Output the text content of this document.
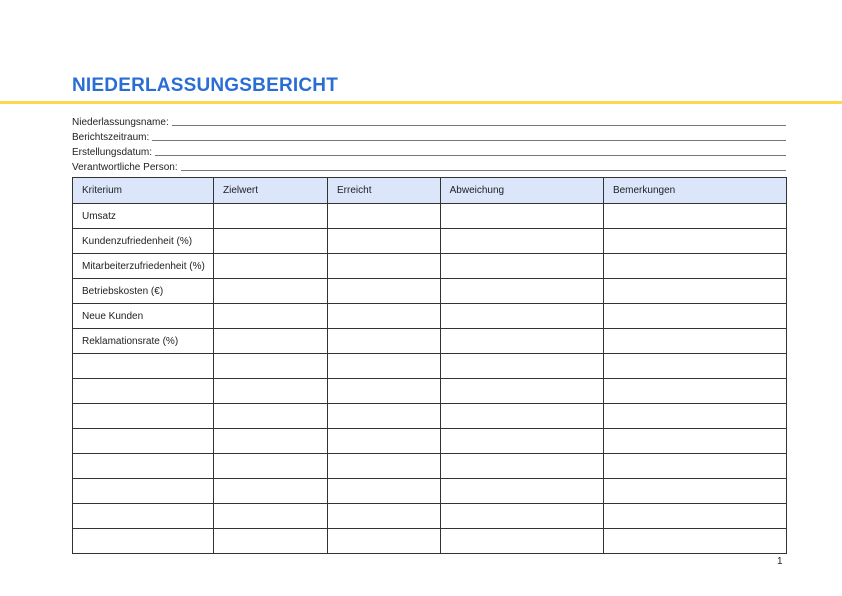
NIEDERLASSUNGSBERICHT
Niederlassungsname:
Berichtszeitraum:
Erstellungsdatum:
Verantwortliche Person:
Kriterium	Zielwert	Erreicht	Abweichung	Bemerkungen
Umsatz				
Kundenzufriedenheit (%)				
Mitarbeiterzufriedenheit (%)				
Betriebskosten (€)				
Neue Kunden				
Reklamationsrate (%)				

1
